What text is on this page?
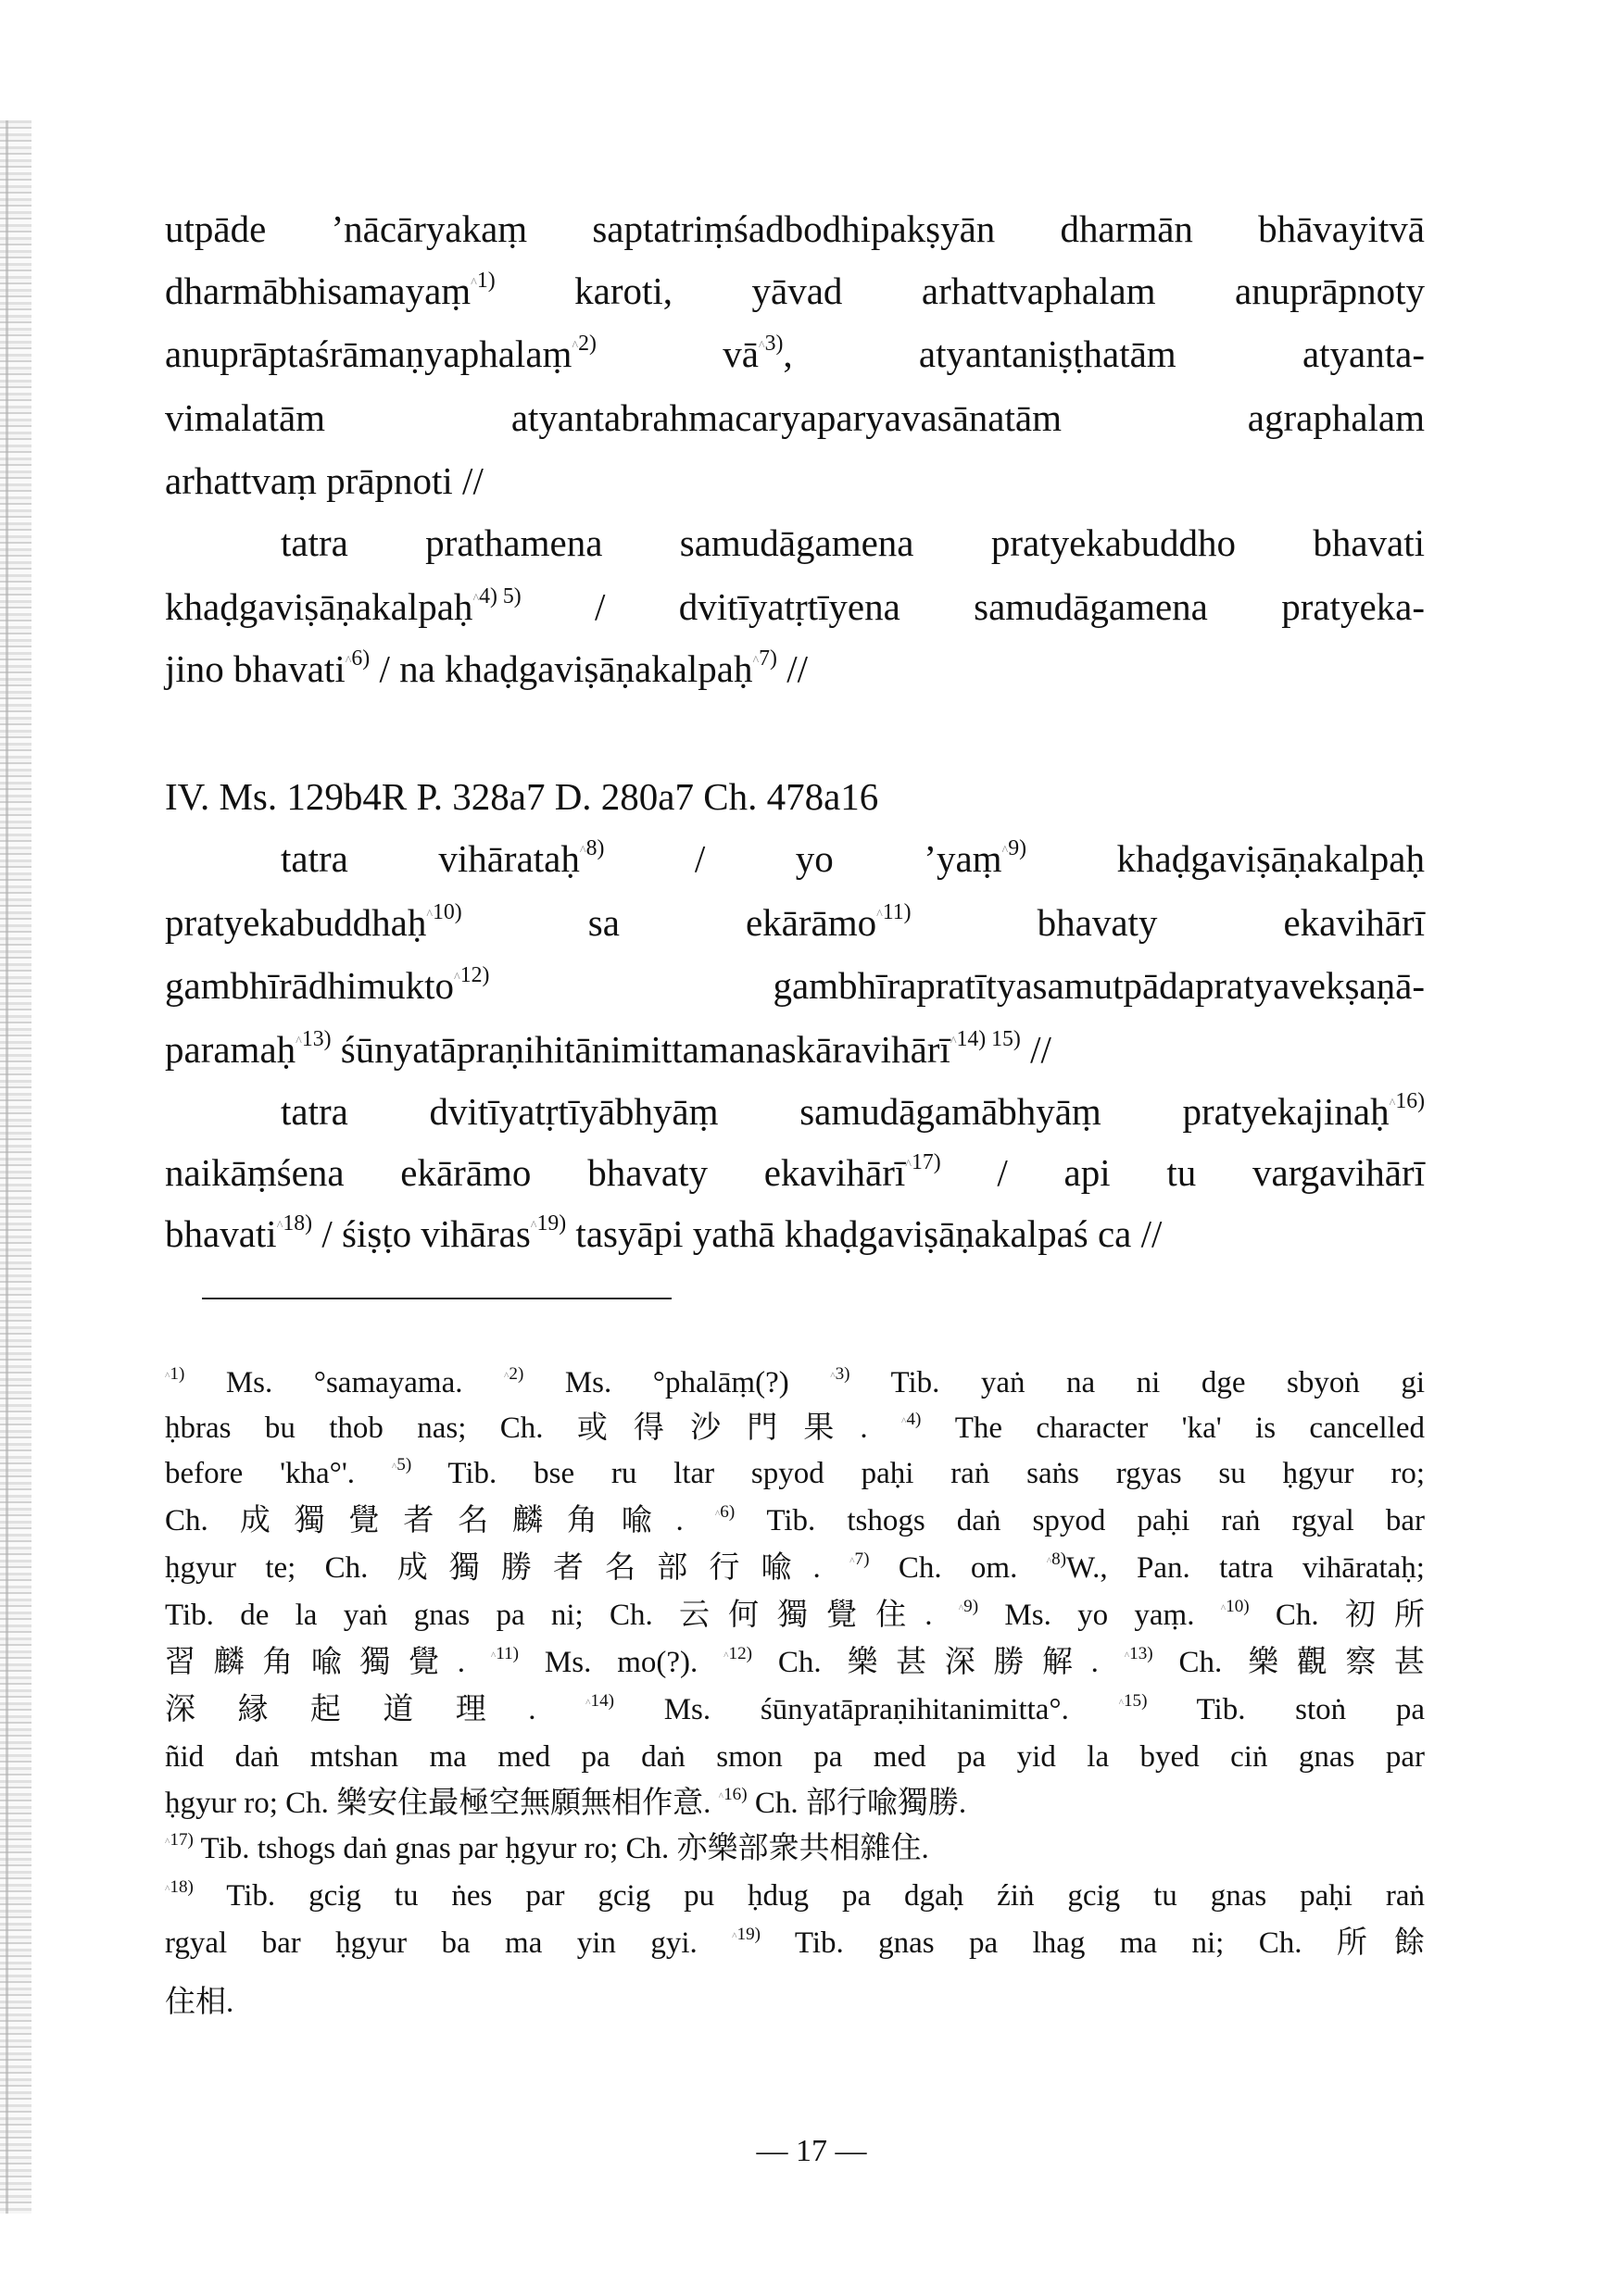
utpāde ’nācāryakaṃ saptatriṃśadbodhipakṣyān dharmān bhāvayitvā
dharmābhisamayaṃ$^{\^{}1)}$ karoti, yāvad arhattvaphalam anuprāpnoty
anuprāptaśrāmaṇyaphalaṃ$^{\^{}2)}$ $vā^{\^{}3)}$, atyantaniṣṭhatām atyanta-
vimalatām atyantabrahmacaryaparyavasānatām agraphalam
arhattvaṃ prāpnoti //
tatra prathamena samudāgamena pratyekabuddho bhavati
khaḍgaviṣāṇakalpaḥ$^{\^{}4) 5)}$ / dvitīyatṛtīyena samudāgamena pratyeka-
jino bhavati$^{\^{}6)}$ / na khaḍgaviṣāṇakalpaḥ$^{\^{}7)}$ //
IV. Ms. 129b4R P. 328a7 D. 280a7 Ch. 478a16
tatra vihārataḥ$^{\^{}8)}$ / yo ’yaṃ$^{\^{}9)}$ khaḍgaviṣāṇakalpaḥ
pratyekabuddhaḥ$^{\^{}10)}$ sa ekārāmo$^{\^{}11)}$ bhavaty ekavihārī
gambhīrādhimukto$^{\^{}12)}$ gambhīrapratītyasamutpādapratyavekṣaṇā-
paramaḥ$^{\^{}13)}$ śūnyatāpraṇihitānimittamanaskāravihārī$^{\^{}14) 15)}$ //
tatra dvitīyatṛtīyābhyāṃ samudāgamābhyāṃ pratyekajinaḥ$^{\^{}16)}$
naikāṃśena ekārāmo bhavaty ekavihārī$^{\^{}17)}$ / api tu vargavihārī
bhavati$^{\^{}18)}$ / śiṣṭo vihāras$^{\^{}19)}$ tasyāpi yathā khaḍgaviṣāṇakalpaś ca //
$^{\^{}1)}$ Ms. °samayama. $^{\^{}2)}$ Ms. °phalāṃ(?) $^{\^{}3)}$ Tib. yaṅ na ni dge sbyoṅ gi
ḥbras bu thob nas; Ch. 或得沙門果. $^{\^{}4)}$ The character 'ka' is cancelled
before 'kha°'. $^{\^{}5)}$ Tib. bse ru ltar spyod paḥi raṅ saṅs rgyas su ḥgyur ro;
Ch. 成獨覺者名麟角喩. $^{\^{}6)}$ Tib. tshogs daṅ spyod paḥi raṅ rgyal bar
ḥgyur te; Ch. 成獨勝者名部行喩. $^{\^{}7)}$ Ch. om. $^{\^{}8)}$W., Pan. tatra vihārataḥ;
Tib. de la yaṅ gnas pa ni; Ch. 云何獨覺住. $^{\^{}9)}$ Ms. yo yaṃ. $^{\^{}10)}$ Ch. 初所
習麟角喩獨覺. $^{\^{}11)}$ Ms. mo(?). $^{\^{}12)}$ Ch. 樂甚深勝解. $^{\^{}13)}$ Ch. 樂觀察甚
深縁起道理. $^{\^{}14)}$ Ms. śūnyatāpraṇihitanimitta°. $^{\^{}15)}$ Tib. stoṅ pa
ñid daṅ mtshan ma med pa daṅ smon pa med pa yid la byed ciṅ gnas par
ḥgyur ro; Ch. 樂安住最極空無願無相作意. $^{\^{}16)}$ Ch. 部行喩獨勝.
$^{\^{}17)}$ Tib. tshogs daṅ gnas par ḥgyur ro; Ch. 亦樂部衆共相雜住.
$^{\^{}18)}$ Tib. gcig tu ṅes par gcig pu ḥdug pa dgaḥ źiṅ gcig tu gnas paḥi raṅ
rgyal bar ḥgyur ba ma yin gyi. $^{\^{}19)}$ Tib. gnas pa lhag ma ni; Ch. 所餘
住相.
— 17 —
